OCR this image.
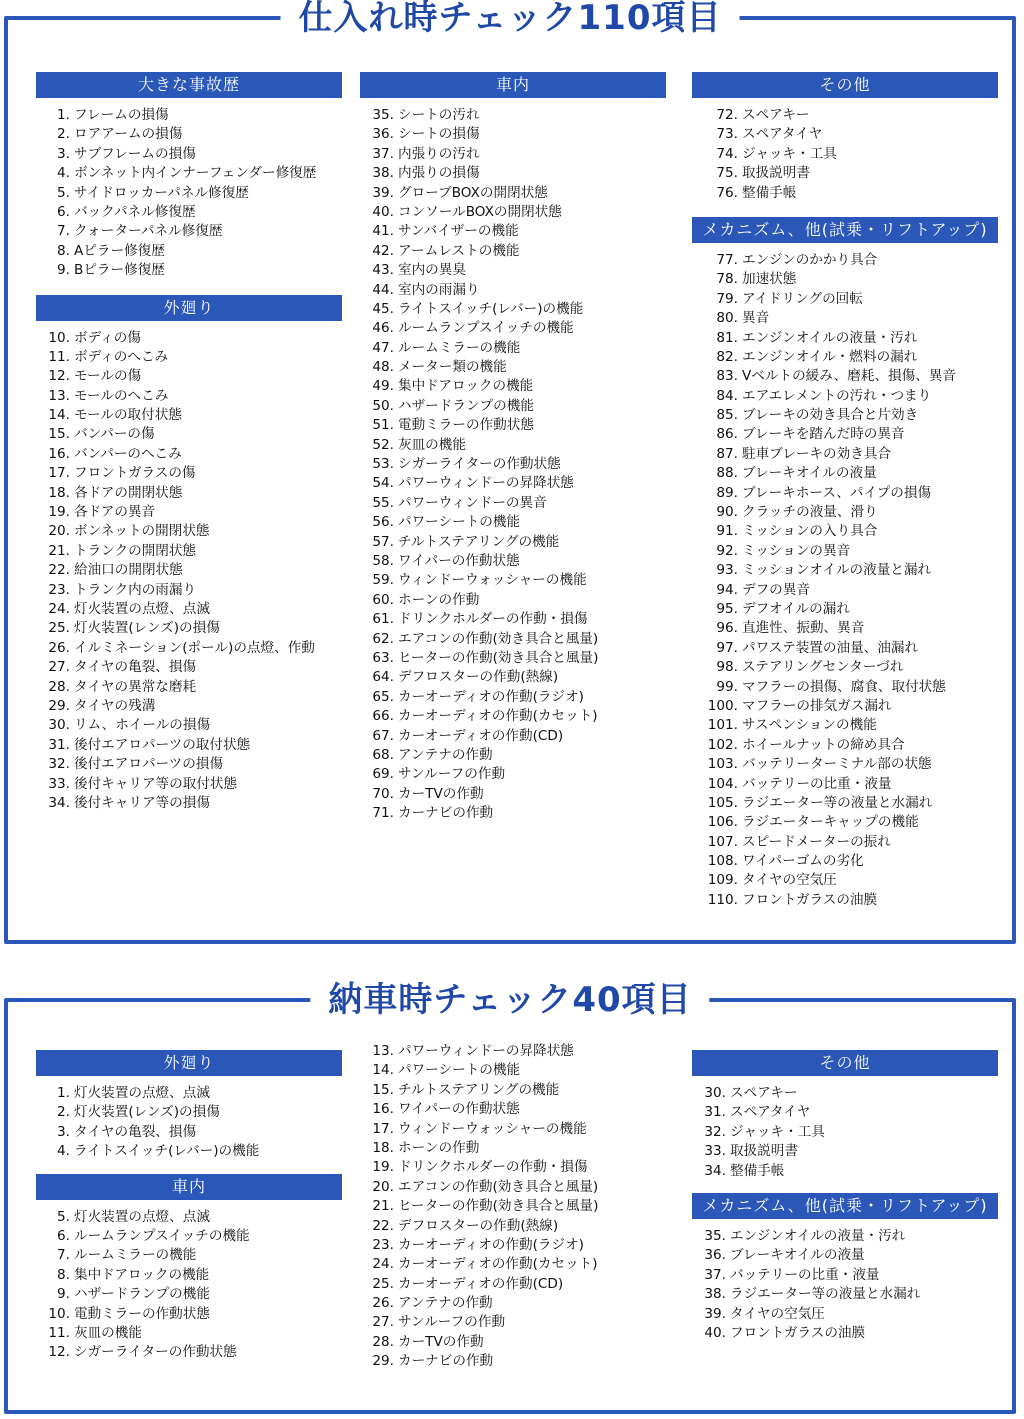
仕入れ時チェック110項目
大きな事故歴
1. フレームの損傷
2. ロアアームの損傷
3. サブフレームの損傷
4. ボンネット内インナーフェンダー修復歴
5. サイドロッカーパネル修復歴
6. バックパネル修復歴
7. クォーターパネル修復歴
8. Aピラー修復歴
9. Bピラー修復歴
外廻り
10. ボディの傷
11. ボディのへこみ
12. モールの傷
13. モールのへこみ
14. モールの取付状態
15. バンパーの傷
16. バンパーのへこみ
17. フロントガラスの傷
18. 各ドアの開閉状態
19. 各ドアの異音
20. ボンネットの開閉状態
21. トランクの開閉状態
22. 給油口の開閉状態
23. トランク内の雨漏り
24. 灯火装置の点燈、点滅
25. 灯火装置(レンズ)の損傷
26. イルミネーション(ポール)の点燈、作動
27. タイヤの亀裂、損傷
28. タイヤの異常な磨耗
29. タイヤの残溝
30. リム、ホイールの損傷
31. 後付エアロパーツの取付状態
32. 後付エアロパーツの損傷
33. 後付キャリア等の取付状態
34. 後付キャリア等の損傷
車内
35. シートの汚れ
36. シートの損傷
37. 内張りの汚れ
38. 内張りの損傷
39. グローブBOXの開閉状態
40. コンソールBOXの開閉状態
41. サンバイザーの機能
42. アームレストの機能
43. 室内の異臭
44. 室内の雨漏り
45. ライトスイッチ(レバー)の機能
46. ルームランプスイッチの機能
47. ルームミラーの機能
48. メーター類の機能
49. 集中ドアロックの機能
50. ハザードランプの機能
51. 電動ミラーの作動状態
52. 灰皿の機能
53. シガーライターの作動状態
54. パワーウィンドーの昇降状態
55. パワーウィンドーの異音
56. パワーシートの機能
57. チルトステアリングの機能
58. ワイパーの作動状態
59. ウィンドーウォッシャーの機能
60. ホーンの作動
61. ドリンクホルダーの作動・損傷
62. エアコンの作動(効き具合と風量)
63. ヒーターの作動(効き具合と風量)
64. デフロスターの作動(熱線)
65. カーオーディオの作動(ラジオ)
66. カーオーディオの作動(カセット)
67. カーオーディオの作動(CD)
68. アンテナの作動
69. サンルーフの作動
70. カーTVの作動
71. カーナビの作動
その他
72. スペアキー
73. スペアタイヤ
74. ジャッキ・工具
75. 取扱説明書
76. 整備手帳
メカニズム、他(試乗・リフトアップ)
77. エンジンのかかり具合
78. 加速状態
79. アイドリングの回転
80. 異音
81. エンジンオイルの液量・汚れ
82. エンジンオイル・燃料の漏れ
83. Vベルトの緩み、磨耗、損傷、異音
84. エアエレメントの汚れ・つまり
85. ブレーキの効き具合と片効き
86. ブレーキを踏んだ時の異音
87. 駐車ブレーキの効き具合
88. ブレーキオイルの液量
89. ブレーキホース、パイプの損傷
90. クラッチの液量、滑り
91. ミッションの入り具合
92. ミッションの異音
93. ミッションオイルの液量と漏れ
94. デフの異音
95. デフオイルの漏れ
96. 直進性、振動、異音
97. パワステ装置の油量、油漏れ
98. ステアリングセンターづれ
99. マフラーの損傷、腐食、取付状態
100. マフラーの排気ガス漏れ
101. サスペンションの機能
102. ホイールナットの締め具合
103. バッテリーターミナル部の状態
104. バッテリーの比重・液量
105. ラジエーター等の液量と水漏れ
106. ラジエーターキャップの機能
107. スピードメーターの振れ
108. ワイパーゴムの劣化
109. タイヤの空気圧
110. フロントガラスの油膜
納車時チェック40項目
外廻り
1. 灯火装置の点燈、点滅
2. 灯火装置(レンズ)の損傷
3. タイヤの亀裂、損傷
4. ライトスイッチ(レバー)の機能
車内
5. 灯火装置の点燈、点滅
6. ルームランプスイッチの機能
7. ルームミラーの機能
8. 集中ドアロックの機能
9. ハザードランプの機能
10. 電動ミラーの作動状態
11. 灰皿の機能
12. シガーライターの作動状態
13. パワーウィンドーの昇降状態
14. パワーシートの機能
15. チルトステアリングの機能
16. ワイパーの作動状態
17. ウィンドーウォッシャーの機能
18. ホーンの作動
19. ドリンクホルダーの作動・損傷
20. エアコンの作動(効き具合と風量)
21. ヒーターの作動(効き具合と風量)
22. デフロスターの作動(熱線)
23. カーオーディオの作動(ラジオ)
24. カーオーディオの作動(カセット)
25. カーオーディオの作動(CD)
26. アンテナの作動
27. サンルーフの作動
28. カーTVの作動
29. カーナビの作動
その他
30. スペアキー
31. スペアタイヤ
32. ジャッキ・工具
33. 取扱説明書
34. 整備手帳
メカニズム、他(試乗・リフトアップ)
35. エンジンオイルの液量・汚れ
36. ブレーキオイルの液量
37. バッテリーの比重・液量
38. ラジエーター等の液量と水漏れ
39. タイヤの空気圧
40. フロントガラスの油膜
